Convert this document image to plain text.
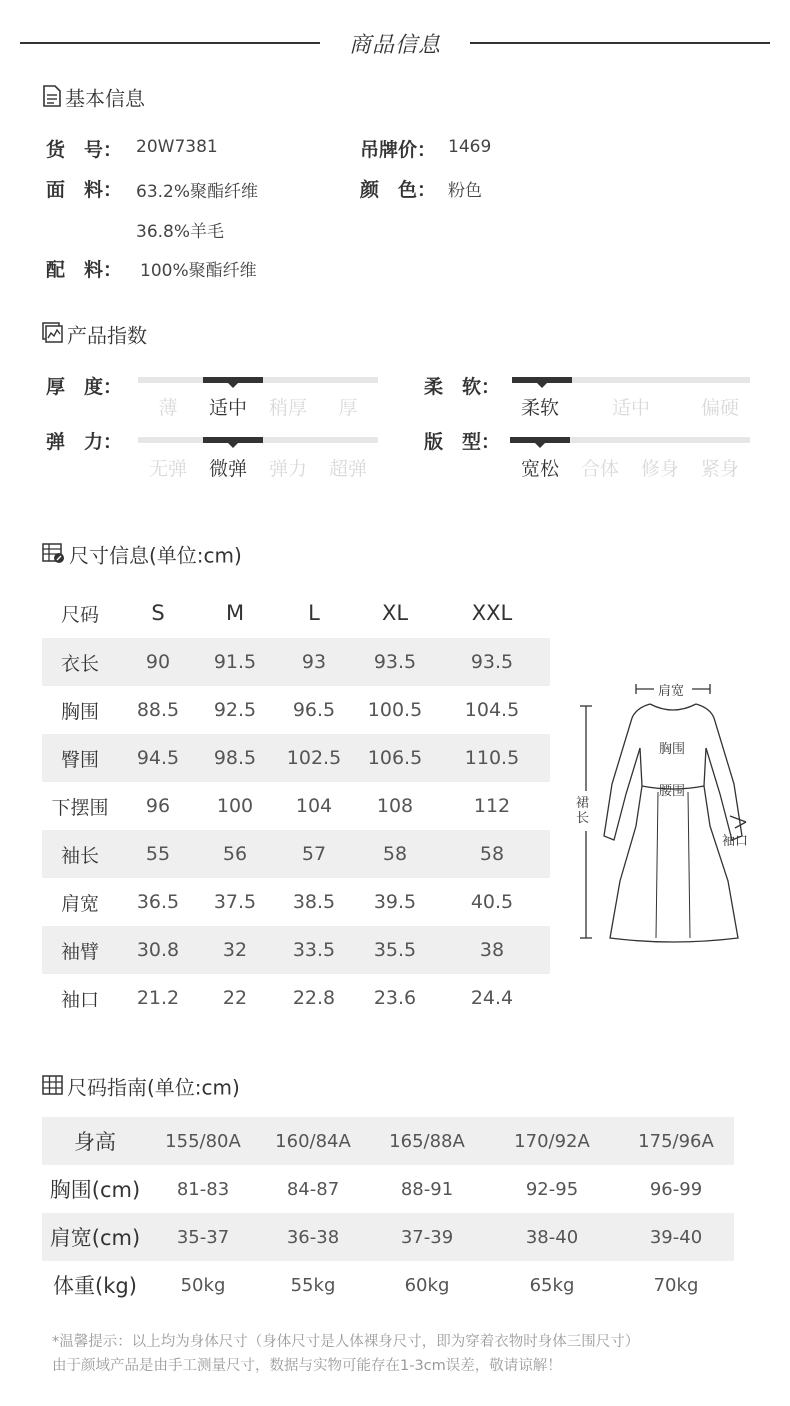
商品信息
基本信息
货　号： 20W7381	吊牌价： 1469
面　料： 63.2%聚酯纤维	颜　色： 粉色
36.8%羊毛
配　料： 100%聚酯纤维
产品指数
厚　度：
薄	适中	稍厚	厚
柔　软：
柔软	适中	偏硬
弹　力：
无弹	微弹	弹力	超弹
版　型：
宽松	合体	修身	紧身
尺寸信息(单位:cm)
尺码	S	M	L	XL	XXL
衣长	90	91.5	93	93.5	93.5
胸围	88.5	92.5	96.5	100.5	104.5
臀围	94.5	98.5	102.5	106.5	110.5
下摆围	96	100	104	108	112
袖长	55	56	57	58	58
肩宽	36.5	37.5	38.5	39.5	40.5
袖臂	30.8	32	33.5	35.5	38
袖口	21.2	22	22.8	23.6	24.4
肩宽
胸围
腰围
裙长
袖口
尺码指南(单位:cm)
身高	155/80A	160/84A	165/88A	170/92A	175/96A
胸围(cm)	81-83	84-87	88-91	92-95	96-99
肩宽(cm)	35-37	36-38	37-39	38-40	39-40
体重(kg)	50kg	55kg	60kg	65kg	70kg
*温馨提示：以上均为身体尺寸（身体尺寸是人体裸身尺寸，即为穿着衣物时身体三围尺寸）
由于颜域产品是由手工测量尺寸，数据与实物可能存在1-3cm误差，敬请谅解！
